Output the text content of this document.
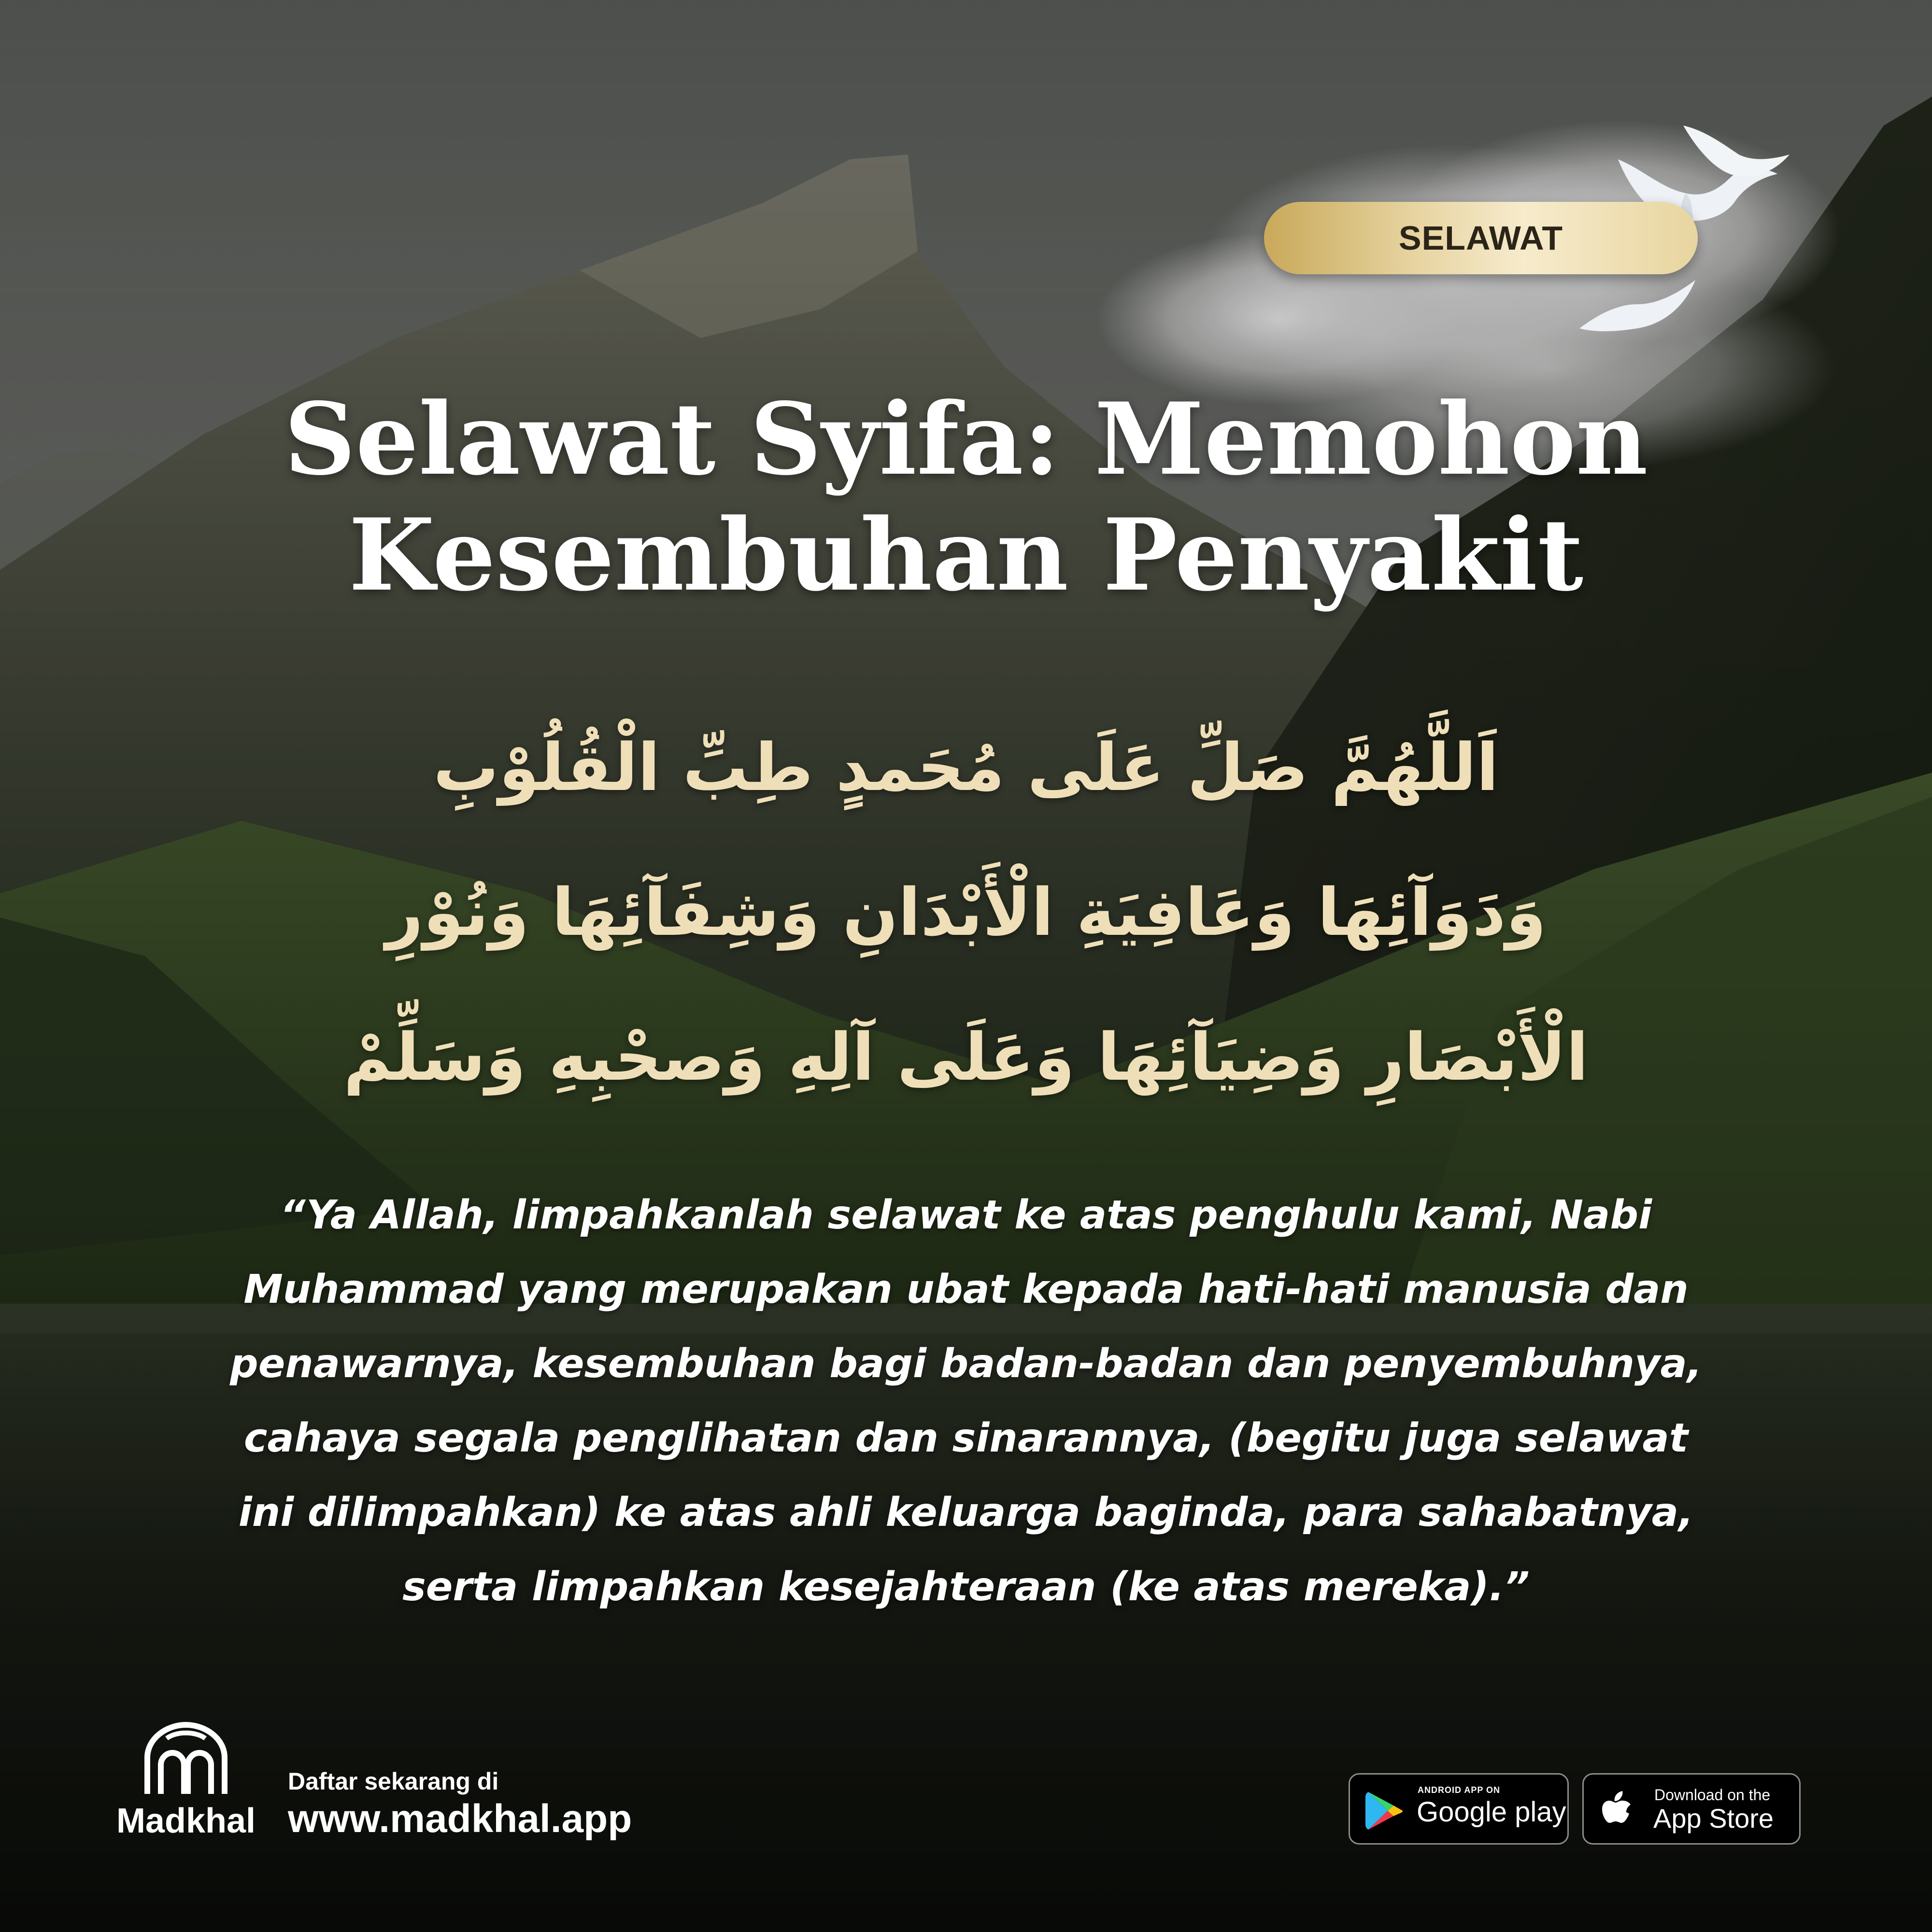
SELAWAT
Selawat Syifa: Memohon
Kesembuhan Penyakit
اَللَّهُمَّ صَلِّ عَلَى مُحَمدٍ طِبِّ الْقُلُوْبِ
وَدَوَآئِهَا وَعَافِيَةِ الْأَبْدَانِ وَشِفَآئِهَا وَنُوْرِ
الْأَبْصَارِ وَضِيَآئِهَا وَعَلَى آلِهِ وَصحْبِهِ وَسَلِّمْ
“Ya Allah, limpahkanlah selawat ke atas penghulu kami, Nabi
Muhammad yang merupakan ubat kepada hati-hati manusia dan
penawarnya, kesembuhan bagi badan-badan dan penyembuhnya,
cahaya segala penglihatan dan sinarannya, (begitu juga selawat
ini dilimpahkan) ke atas ahli keluarga baginda, para sahabatnya,
serta limpahkan kesejahteraan (ke atas mereka).”
Madkhal
Daftar sekarang di
www.madkhal.app
ANDROID APP ON
Google play
Download on the
App Store
